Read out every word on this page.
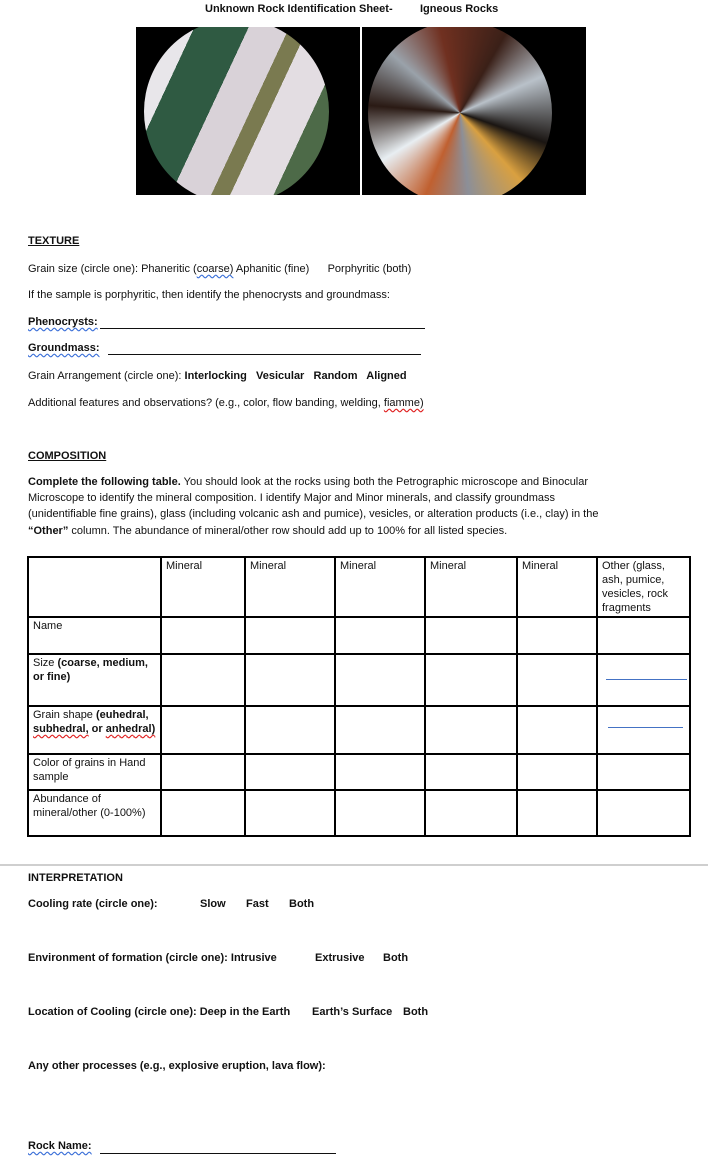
Unknown Rock Identification Sheet- Igneous Rocks
TEXTURE
Grain size (circle one): Phaneritic (coarse) Aphanitic (fine)      Porphyritic (both)
If the sample is porphyritic, then identify the phenocrysts and groundmass:
Phenocrysts:
Groundmass:
Grain Arrangement (circle one): Interlocking   Vesicular   Random   Aligned
Additional features and observations? (e.g., color, flow banding, welding, fiamme)
COMPOSITION
Complete the following table. You should look at the rocks using both the Petrographic microscope and Binocular
Microscope to identify the mineral composition. I identify Major and Minor minerals, and classify groundmass
(unidentifiable fine grains), glass (including volcanic ash and pumice), vesicles, or alteration products (i.e., clay) in the
“Other” column. The abundance of mineral/other row should add up to 100% for all listed species.
	Mineral	Mineral	Mineral	Mineral	Mineral	Other (glass, ash, pumice, vesicles, rock fragments
Name						
Size (coarse, medium, or fine)						

Grain shape (euhedral, subhedral, or anhedral)						

Color of grains in Hand sample						
Abundance of mineral/other (0-100%)						
INTERPRETATION
Cooling rate (circle one):	Slow Fast Both
Environment of formation (circle one): Intrusive	Extrusive Both
Location of Cooling (circle one): Deep in the Earth Earth’s Surface Both
Any other processes (e.g., explosive eruption, lava flow):
Rock Name:
